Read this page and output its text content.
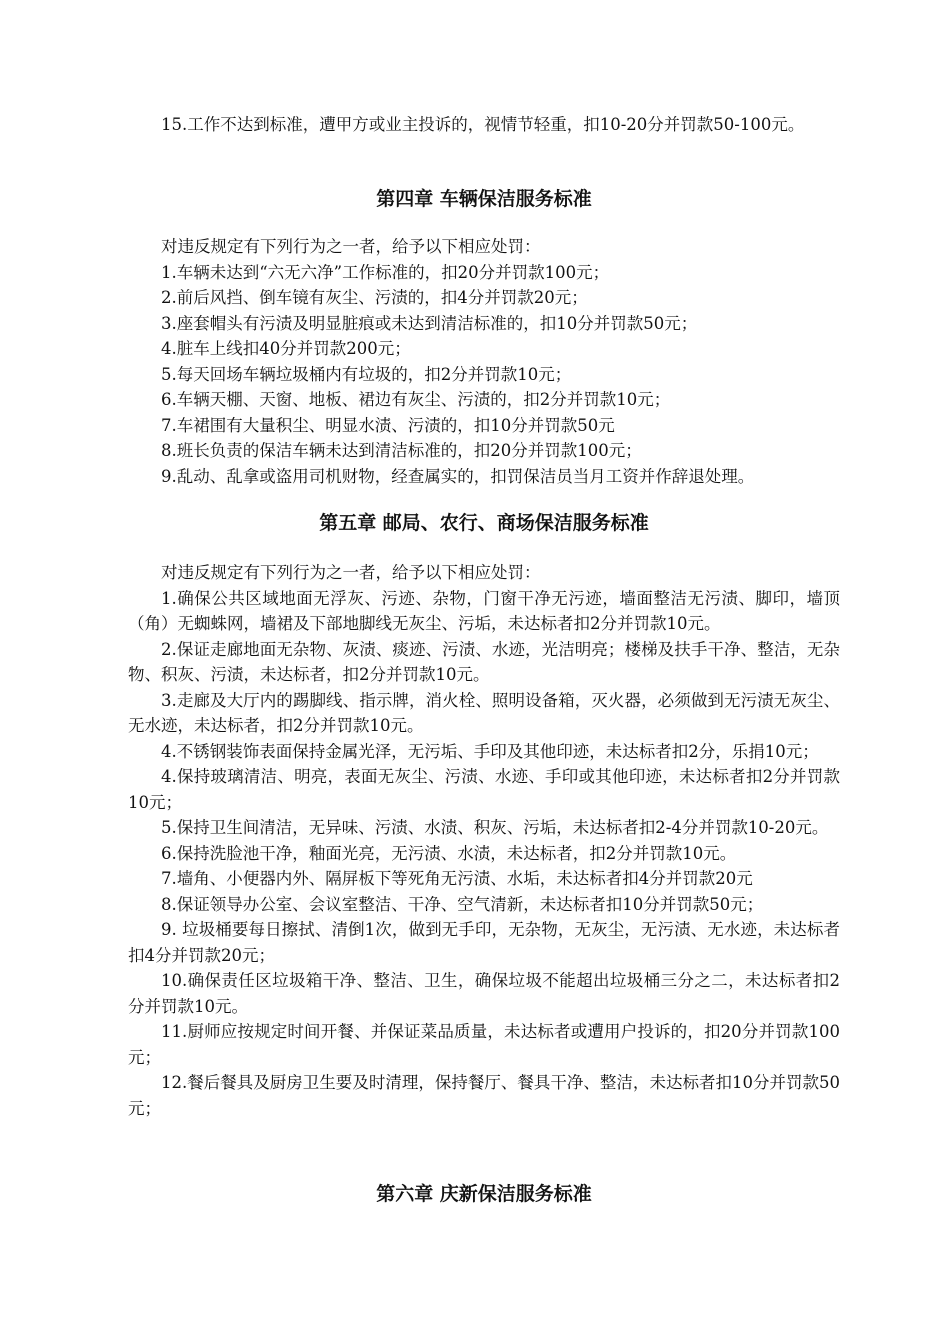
15.工作不达到标准，遭甲方或业主投诉的，视情节轻重，扣10-20分并罚款50-100元。

第四章 车辆保洁服务标准

对违反规定有下列行为之一者，给予以下相应处罚：

1.车辆未达到“六无六净”工作标准的，扣20分并罚款100元；

2.前后风挡、倒车镜有灰尘、污渍的，扣4分并罚款20元；

3.座套帽头有污渍及明显脏痕或未达到清洁标准的，扣10分并罚款50元；

4.脏车上线扣40分并罚款200元；

5.每天回场车辆垃圾桶内有垃圾的，扣2分并罚款10元；

6.车辆天棚、天窗、地板、裙边有灰尘、污渍的，扣2分并罚款10元；

7.车裙围有大量积尘、明显水渍、污渍的，扣10分并罚款50元

8.班长负责的保洁车辆未达到清洁标准的，扣20分并罚款100元；

9.乱动、乱拿或盗用司机财物，经查属实的，扣罚保洁员当月工资并作辞退处理。

第五章 邮局、农行、商场保洁服务标准

对违反规定有下列行为之一者，给予以下相应处罚：

1.确保公共区域地面无浮灰、污迹、杂物，门窗干净无污迹，墙面整洁无污渍、脚印，墙顶（角）无蜘蛛网，墙裙及下部地脚线无灰尘、污垢，未达标者扣2分并罚款10元。

2.保证走廊地面无杂物、灰渍、痰迹、污渍、水迹，光洁明亮；楼梯及扶手干净、整洁，无杂物、积灰、污渍，未达标者，扣2分并罚款10元。

3.走廊及大厅内的踢脚线、指示牌，消火栓、照明设备箱，灭火器，必须做到无污渍无灰尘、无水迹，未达标者，扣2分并罚款10元。

4.不锈钢装饰表面保持金属光泽，无污垢、手印及其他印迹，未达标者扣2分，乐捐10元；

4.保持玻璃清洁、明亮，表面无灰尘、污渍、水迹、手印或其他印迹，未达标者扣2分并罚款10元；

5.保持卫生间清洁，无异味、污渍、水渍、积灰、污垢，未达标者扣2-4分并罚款10-20元。

6.保持洗脸池干净，釉面光亮，无污渍、水渍，未达标者，扣2分并罚款10元。

7.墙角、小便器内外、隔屏板下等死角无污渍、水垢，未达标者扣4分并罚款20元

8.保证领导办公室、会议室整洁、干净、空气清新，未达标者扣10分并罚款50元；

9. 垃圾桶要每日擦拭、清倒1次，做到无手印，无杂物，无灰尘，无污渍、无水迹，未达标者扣4分并罚款20元；

10.确保责任区垃圾箱干净、整洁、卫生，确保垃圾不能超出垃圾桶三分之二，未达标者扣2分并罚款10元。

11.厨师应按规定时间开餐、并保证菜品质量，未达标者或遭用户投诉的，扣20分并罚款100元；

12.餐后餐具及厨房卫生要及时清理，保持餐厅、餐具干净、整洁，未达标者扣10分并罚款50元；

第六章 庆新保洁服务标准
